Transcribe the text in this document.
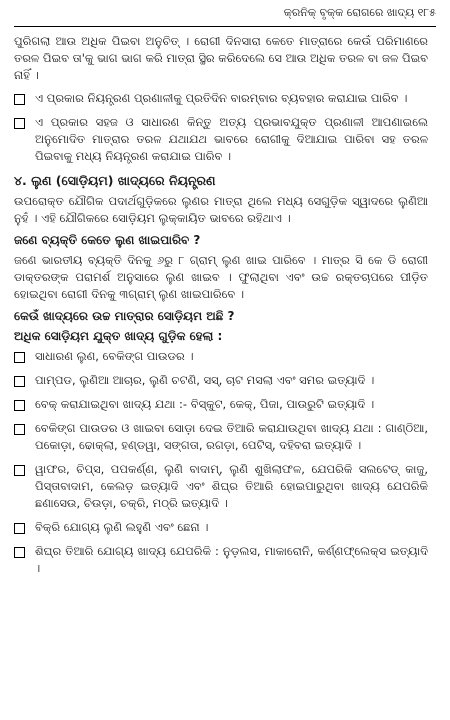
କ୍ରନିକ୍ ବୃକ୍କ ରୋଗରେ ଖାଦ୍ୟ ୧୮୫

ପୁରିଗଲା ଆଉ ଅଧିକ ପିଇବା ଅନୁଚିତ୍ । ରୋଗୀ ଦିନସାରା କେତେ ମାତ୍ରାରେ କେଉଁ ପରିମାଣରେ ତରଳ ପିଇବ ତା'କୁ ଭାଗ ଭାଗ କରି ମାତ୍ରା ସ୍ଥିର କରିଦେଲେ ସେ ଆଉ ଅଧିକ ତରଳ ବା ଜଳ ପିଇବ ନାହିଁ ।

ଏ ପ୍ରକାର ନିୟନ୍ତ୍ରଣ ପ୍ରଣାଳୀକୁ ପ୍ରତିଦିନ ବାରମ୍ବାର ବ୍ୟବହାର କରାଯାଇ ପାରିବ ।
ଏ ପ୍ରକାର ସହଜ ଓ ସାଧାରଣ କିନ୍ତୁ ଅତ୍ୟ ପ୍ରଭାବଯୁକ୍ତ ପ୍ରଣାଳୀ ଆପଣାଇଲେ ଅନୁମୋଦିତ ମାତ୍ରାର ତରଳ ଯଥାଯଥ ଭାବରେ ରୋଗୀକୁ ଦିଆଯାଇ ପାରିବା ସହ ତରଳ ପିଇବାକୁ ମଧ୍ୟ ନିୟନ୍ତ୍ରଣ କରାଯାଇ ପାରିବ ।
୪. ଲୁଣ (ସୋଡ଼ିୟମ) ଖାଦ୍ୟରେ ନିୟନ୍ତ୍ରଣ

ଉପରୋକ୍ତ ଯୌଗିକ ପଦାର୍ଥଗୁଡ଼ିକରେ ଲୁଣର ମାତ୍ରା ଥିଲେ ମଧ୍ୟ ସେଗୁଡ଼ିକ ସ୍ୱାଦରେ ଲୁଣିଆ ନୁହଁ । ଏହି ଯୌଗିକରେ ସୋଡ଼ିୟମ ଲୁକ୍କାୟିତ ଭାବରେ ରହିଥାଏ ।

ଜଣେ ବ୍ୟକ୍ତି କେତେ ଲୁଣ ଖାଇପାରିବ ?

ଜଣେ ଭାରତୀୟ ବ୍ୟକ୍ତି ଦିନକୁ ୬ରୁ ୮ ଗ୍ରାମ୍ ଲୁଣ ଖାଇ ପାରିବେ । ମାତ୍ର ସି କେ ଡି ରୋଗୀ ଡାକ୍ତରଙ୍କ ପରାମର୍ଶ ଅନୁସାରେ ଲୁଣ ଖାଇବ । ଫୁଲାଥିବା ଏବଂ ଉଚ୍ଚ ରକ୍ତଚାପରେ ପୀଡ଼ିତ ହୋଇଥିବା ରୋଗୀ ଦିନକୁ ୩ଗ୍ରାମ୍ ଲୁଣ ଖାଇପାରିବେ ।

କେଉଁ ଖାଦ୍ୟରେ ଉଚ୍ଚ ମାତ୍ରାର ସୋଡ଼ିୟମ ଅଛି ?
ଅଧିକ ସୋଡ଼ିୟମ ଯୁକ୍ତ ଖାଦ୍ୟ ଗୁଡ଼ିକ ହେଲା :
ସାଧାରଣ ଲୁଣ, ବେକିଙ୍ଗ ପାଉଡର ।
ପାମ୍ପଡ, ଲୁଣିଆ ଆଚାର, ଲୁଣି ଚଟଣି, ସସ୍, ଚାଟ ମସଲା ଏବଂ ସମର ଇତ୍ୟାଦି ।
ବେକ୍ କରାଯାଇଥିବା ଖାଦ୍ୟ ଯଥା :- ବିସ୍କୁଟ, କେକ୍, ପିଜା, ପାଉରୁଟି ଇତ୍ୟାଦି ।
ବେକିଙ୍ଗ ପାଉଡର ଓ ଖାଇବା ସୋଡ଼ା ଦେଇ ତିଆରି କରାଯାଉଥିବା ଖାଦ୍ୟ ଯଥା : ଗାଣ୍ଠିଆ, ପକୋଡ଼ା, ଢୋକ୍ଲା, ହଣ୍ଡୱା, ସଙ୍ଗତା, ରଗଡ଼ା, ପେଟିସ୍, ଦହିବରା ଇତ୍ୟାଦି ।
ୱାଫର, ଚିପ୍ସ, ପପକର୍ଣ୍ଣ, ଲୁଣି ବାଦାମ୍, ଲୁଣି ଶୁଖିଲାଫଳ, ଯେପରିକି ସଲଟେଡ୍ କାଜୁ, ପିସ୍ତାବାଦାମ, କେଲଡ଼ ଇତ୍ୟାଦି ଏବଂ ଶିଘ୍ର ତିଆରି ହୋଇପାରୁଥିବା ଖାଦ୍ୟ ଯେପରିକି ଛଣାସେଉ, ଚିଉଡ଼ା, ଚକ୍ରି, ମଠ୍ରି ଇତ୍ୟାଦି ।
ବିକ୍ରି ଯୋଗ୍ୟ ଲୁଣି ଲହୁଣି ଏବଂ ଛେନା ।
ଶିଘ୍ର ତିଆରି ଯୋଗ୍ୟ ଖାଦ୍ୟ ଯେପରିକି : ନୁଡ଼ଲସ, ମାକାରୋନି, କର୍ଣ୍ଣଫ୍ଲେକ୍ସ ଇତ୍ୟାଦି ।
